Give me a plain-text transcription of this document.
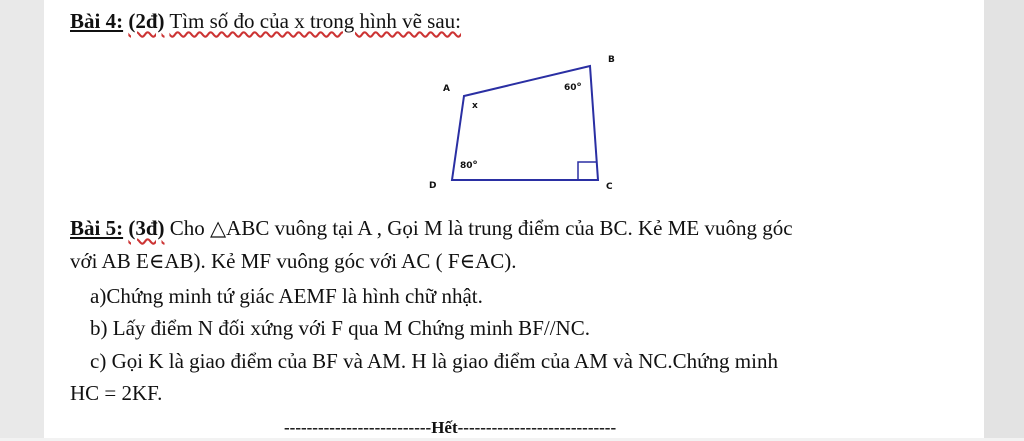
Bài 4: (2đ) Tìm số đo của x trong hình vẽ sau:
A
B
C
D
x
60 o
80 o
Bài 5: (3đ) Cho △ABC vuông tại A , Gọi M là trung điểm của BC. Kẻ ME vuông góc
với AB E∈AB). Kẻ MF vuông góc với AC ( F∈AC).
a)Chứng minh tứ giác AEMF là hình chữ nhật.
b) Lấy điểm N đối xứng với F qua M Chứng minh BF//NC.
c) Gọi K là giao điểm của BF và AM. H là giao điểm của AM và NC.Chứng minh
HC = 2KF.
--------------------------Hết----------------------------
